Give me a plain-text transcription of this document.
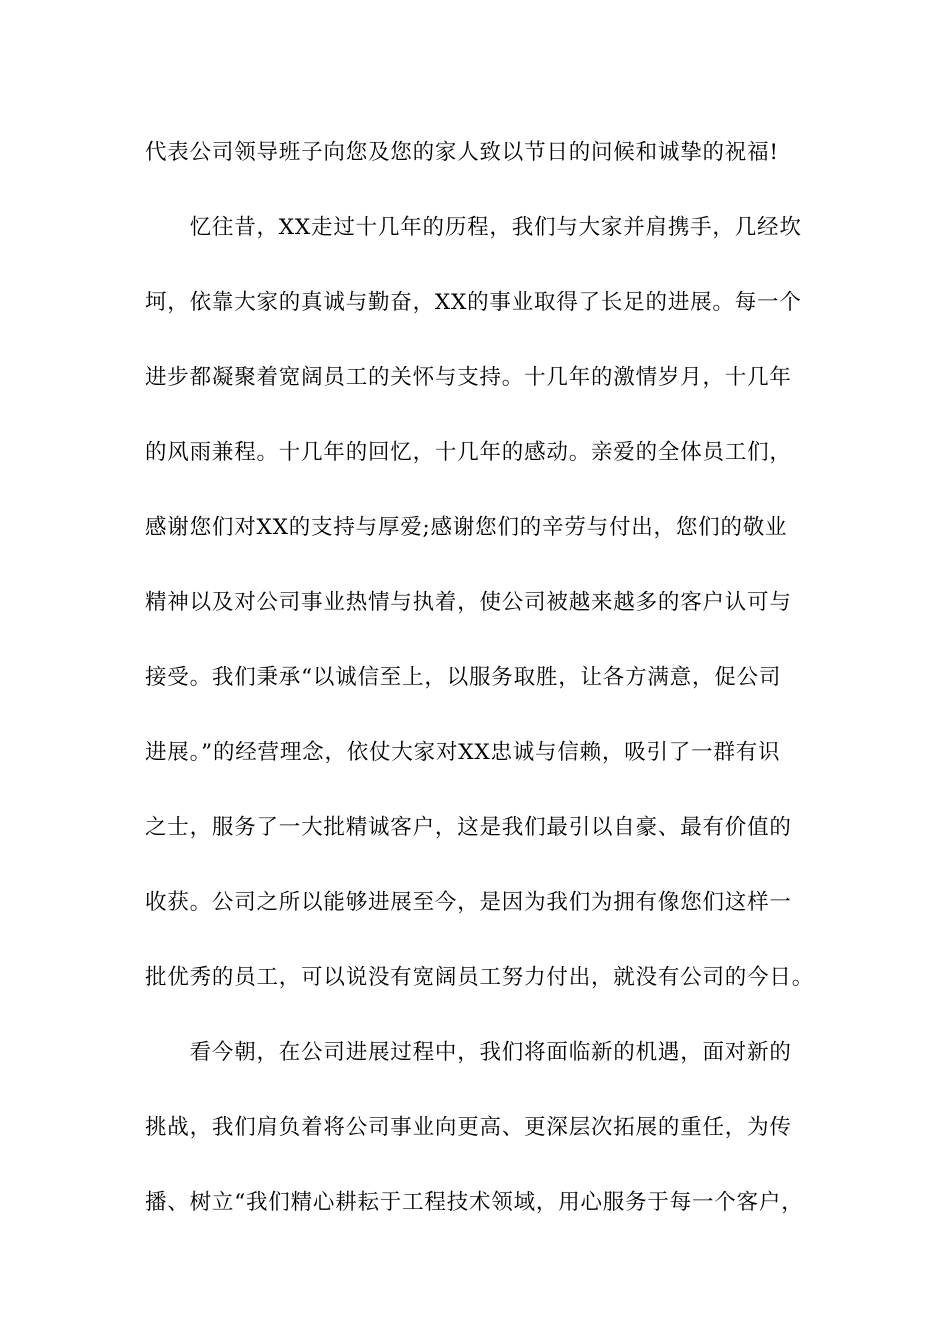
代表公司领导班子向您及您的家人致以节日的问候和诚挚的祝福!
　　忆往昔，XX走过十几年的历程，我们与大家并肩携手，几经坎
坷，依靠大家的真诚与勤奋，XX的事业取得了长足的进展。每一个
进步都凝聚着宽阔员工的关怀与支持。十几年的激情岁月，十几年
的风雨兼程。十几年的回忆，十几年的感动。亲爱的全体员工们，
感谢您们对XX的支持与厚爱;感谢您们的辛劳与付出，您们的敬业
精神以及对公司事业热情与执着，使公司被越来越多的客户认可与
接受。我们秉承“以诚信至上，以服务取胜，让各方满意，促公司
进展。”的经营理念，依仗大家对XX忠诚与信赖，吸引了一群有识
之士，服务了一大批精诚客户，这是我们最引以自豪、最有价值的
收获。公司之所以能够进展至今，是因为我们为拥有像您们这样一
批优秀的员工，可以说没有宽阔员工努力付出，就没有公司的今日。
　　看今朝，在公司进展过程中，我们将面临新的机遇，面对新的
挑战，我们肩负着将公司事业向更高、更深层次拓展的重任，为传
播、树立“我们精心耕耘于工程技术领域，用心服务于每一个客户，
